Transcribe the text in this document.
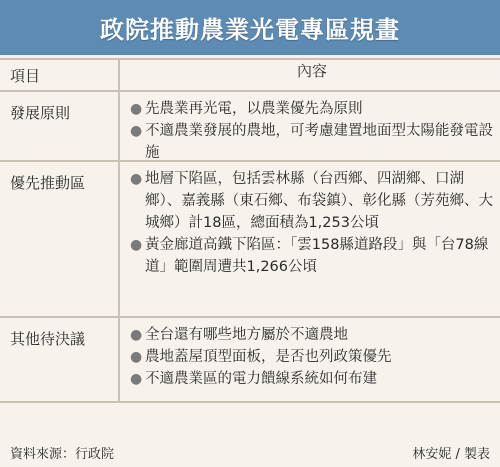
政院推動農業光電專區規畫
項目	內容
發展原則	● 先農業再光電，以農業優先為原則
● 不適農業發展的農地，可考慮建置地面型太陽能發電設施
優先推動區	● 地層下陷區，包括雲林縣（台西鄉、四湖鄉、口湖鄉）、嘉義縣（東石鄉、布袋鎮）、彰化縣（芳苑鄉、大城鄉）計18區，總面積為1,253公頃
● 黃金廊道高鐵下陷區：「雲158縣道路段」與「台78線道」範圍周遭共1,266公頃
其他待決議	● 全台還有哪些地方屬於不適農地
● 農地蓋屋頂型面板，是否也列政策優先
● 不適農業區的電力饋線系統如何布建
資料來源：行政院	林安妮 / 製表
